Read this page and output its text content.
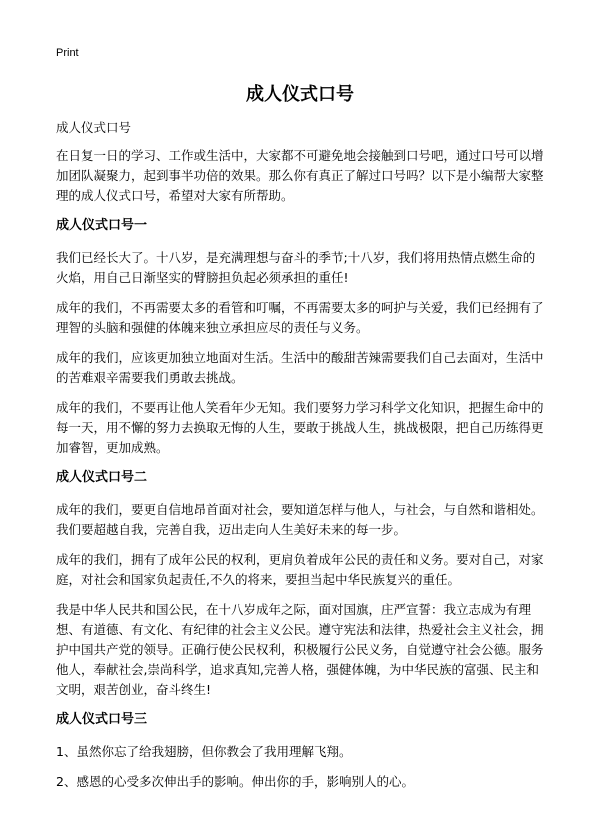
Print
成人仪式口号

成人仪式口号

在日复一日的学习、工作或生活中，大家都不可避免地会接触到口号吧，通过口号可以增加团队凝聚力，起到事半功倍的效果。那么你有真正了解过口号吗？以下是小编帮大家整理的成人仪式口号，希望对大家有所帮助。

成人仪式口号一

我们已经长大了。十八岁，是充满理想与奋斗的季节;十八岁，我们将用热情点燃生命的火焰，用自己日渐坚实的臂膀担负起必须承担的重任!

成年的我们，不再需要太多的看管和叮嘱，不再需要太多的呵护与关爱，我们已经拥有了理智的头脑和强健的体魄来独立承担应尽的责任与义务。

成年的我们，应该更加独立地面对生活。生活中的酸甜苦辣需要我们自己去面对，生活中的苦难艰辛需要我们勇敢去挑战。

成年的我们，不要再让他人笑看年少无知。我们要努力学习科学文化知识，把握生命中的每一天，用不懈的努力去换取无悔的人生，要敢于挑战人生，挑战极限，把自己历练得更加睿智，更加成熟。

成人仪式口号二

成年的我们，要更自信地昂首面对社会，要知道怎样与他人，与社会，与自然和谐相处。我们要超越自我，完善自我，迈出走向人生美好未来的每一步。

成年的我们，拥有了成年公民的权利，更肩负着成年公民的责任和义务。要对自己，对家庭，对社会和国家负起责任,不久的将来，要担当起中华民族复兴的重任。

我是中华人民共和国公民，在十八岁成年之际，面对国旗，庄严宣誓：我立志成为有理想、有道德、有文化、有纪律的社会主义公民。遵守宪法和法律，热爱社会主义社会，拥护中国共产党的领导。正确行使公民权利，积极履行公民义务，自觉遵守社会公德。服务他人，奉献社会,崇尚科学，追求真知,完善人格，强健体魄，为中华民族的富强、民主和文明，艰苦创业，奋斗终生!

成人仪式口号三

1、虽然你忘了给我翅膀，但你教会了我用理解飞翔。

2、感恩的心受多次伸出手的影响。伸出你的手，影响别人的心。
